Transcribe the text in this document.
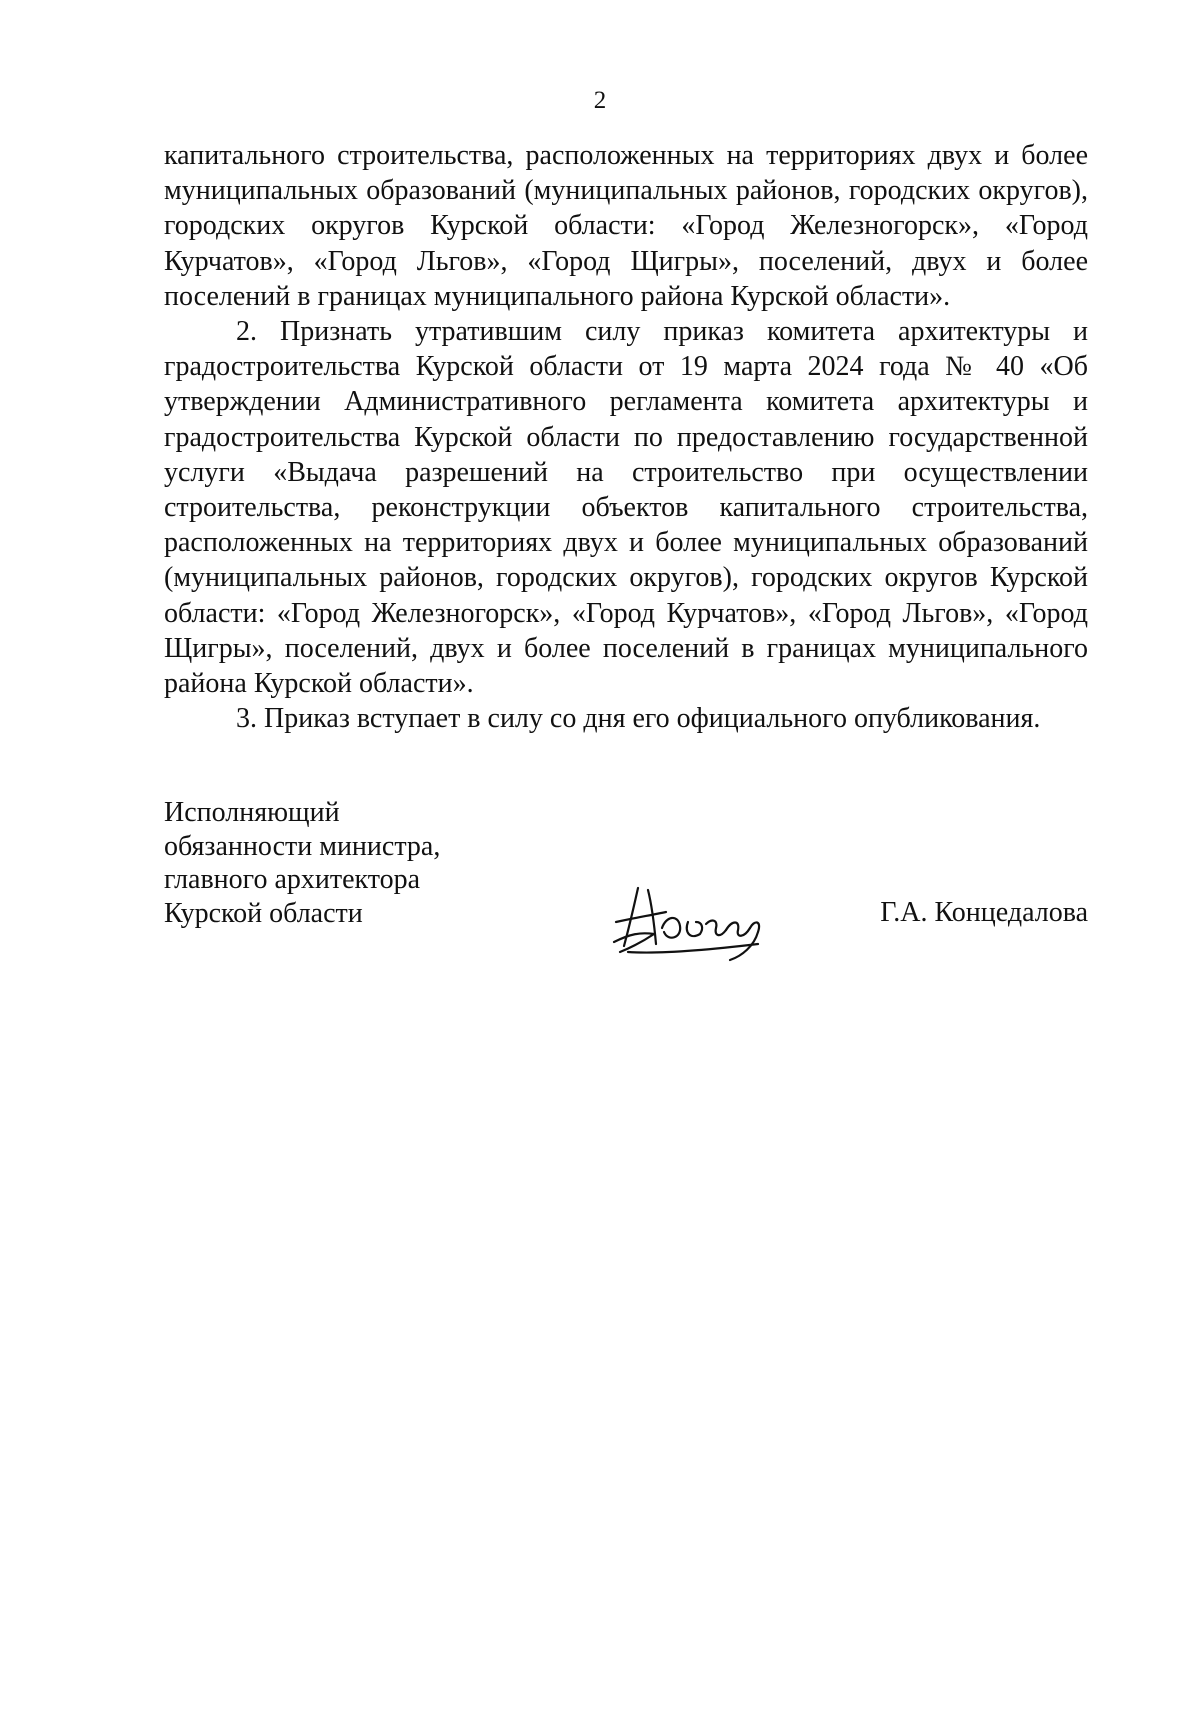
2

капитального строительства, расположенных на территориях двух и более муниципальных образований (муниципальных районов, городских округов), городских округов Курской области: «Город Железногорск», «Город Курчатов», «Город Льгов», «Город Щигры», поселений, двух и более поселений в границах муниципального района Курской области».

2. Признать утратившим силу приказ комитета архитектуры и градостроительства Курской области от 19 марта 2024 года № 40 «Об утверждении Административного регламента комитета архитектуры и градостроительства Курской области по предоставлению государственной услуги «Выдача разрешений на строительство при осуществлении строительства, реконструкции объектов капитального строительства, расположенных на территориях двух и более муниципальных образований (муниципальных районов, городских округов), городских округов Курской области: «Город Железногорск», «Город Курчатов», «Город Льгов», «Город Щигры», поселений, двух и более поселений в границах муниципального района Курской области».

3. Приказ вступает в силу со дня его официального опубликования.

Исполняющий
обязанности министра,
главного архитектора
Курской области	Г.А. Концедалова
